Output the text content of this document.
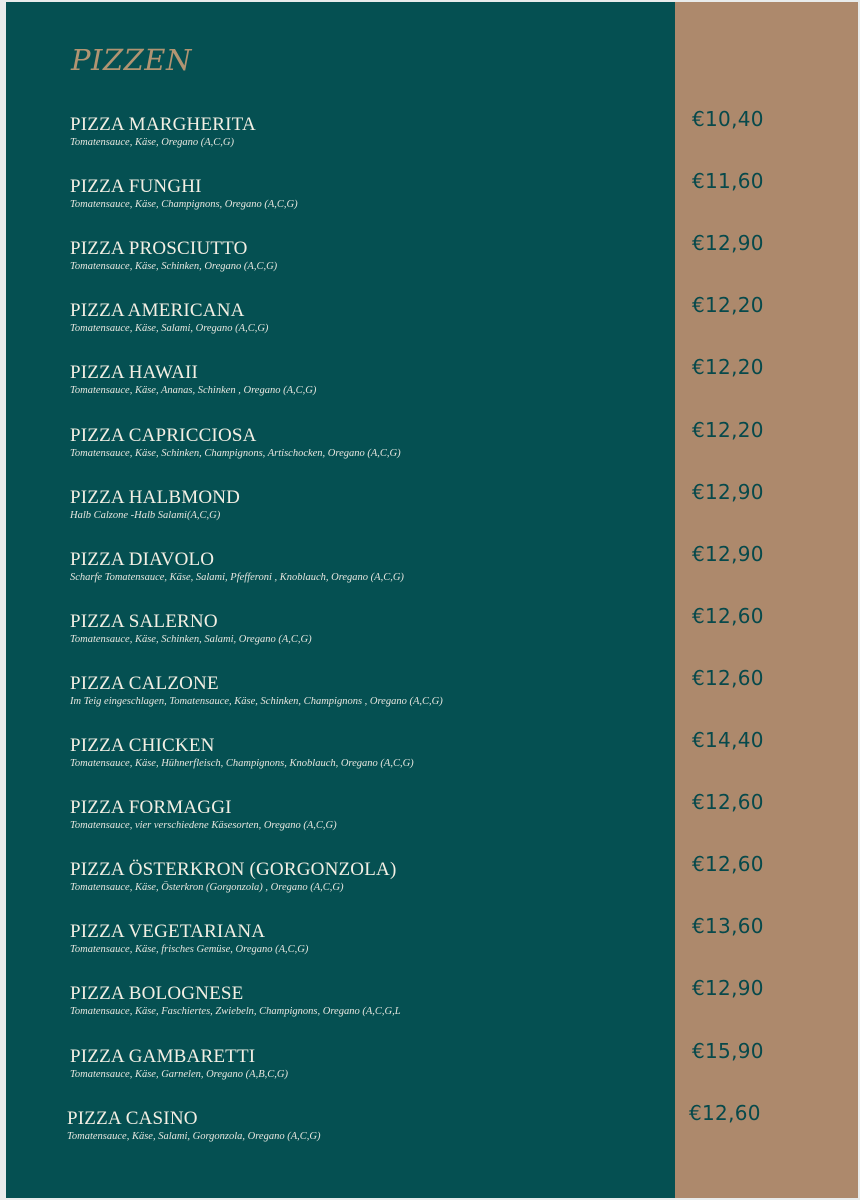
PIZZEN
PIZZA MARGHERITA
Tomatensauce, Käse, Oregano (A,C,G)
€10,40
PIZZA FUNGHI
Tomatensauce, Käse, Champignons, Oregano (A,C,G)
€11,60
PIZZA PROSCIUTTO
Tomatensauce, Käse, Schinken, Oregano (A,C,G)
€12,90
PIZZA AMERICANA
Tomatensauce, Käse, Salami, Oregano (A,C,G)
€12,20
PIZZA HAWAII
Tomatensauce, Käse, Ananas, Schinken , Oregano (A,C,G)
€12,20
PIZZA CAPRICCIOSA
Tomatensauce, Käse, Schinken, Champignons, Artischocken, Oregano (A,C,G)
€12,20
PIZZA HALBMOND
Halb Calzone -Halb Salami(A,C,G)
€12,90
PIZZA DIAVOLO
Scharfe Tomatensauce, Käse, Salami, Pfefferoni , Knoblauch, Oregano (A,C,G)
€12,90
PIZZA SALERNO
Tomatensauce, Käse, Schinken, Salami, Oregano (A,C,G)
€12,60
PIZZA CALZONE
Im Teig eingeschlagen, Tomatensauce, Käse, Schinken, Champignons , Oregano (A,C,G)
€12,60
PIZZA CHICKEN
Tomatensauce, Käse, Hühnerfleisch, Champignons, Knoblauch, Oregano (A,C,G)
€14,40
PIZZA FORMAGGI
Tomatensauce, vier verschiedene Käsesorten, Oregano (A,C,G)
€12,60
PIZZA ÖSTERKRON (GORGONZOLA)
Tomatensauce, Käse, Österkron (Gorgonzola) , Oregano (A,C,G)
€12,60
PIZZA VEGETARIANA
Tomatensauce, Käse, frisches Gemüse, Oregano (A,C,G)
€13,60
PIZZA BOLOGNESE
Tomatensauce, Käse, Faschiertes, Zwiebeln, Champignons, Oregano (A,C,G,L
€12,90
PIZZA GAMBARETTI
Tomatensauce, Käse, Garnelen, Oregano (A,B,C,G)
€15,90
PIZZA CASINO
Tomatensauce, Käse, Salami, Gorgonzola, Oregano (A,C,G)
€12,60
